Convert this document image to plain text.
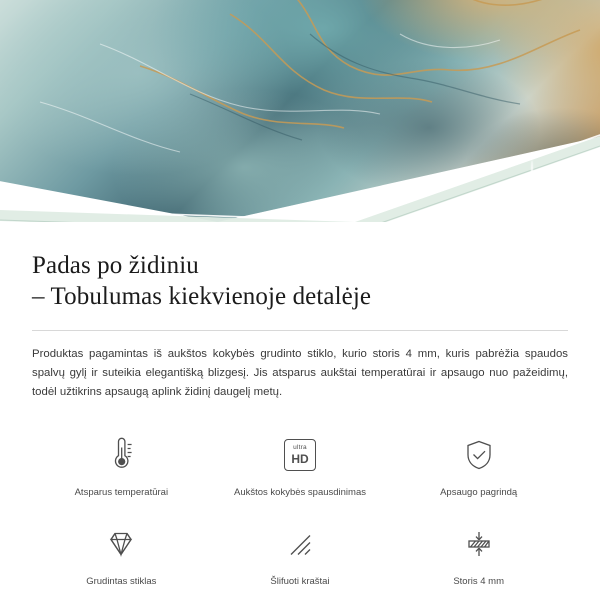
Padas po židiniu
– Tobulumas kiekvienoje detalėje

Produktas pagamintas iš aukštos kokybės grudinto stiklo, kurio storis 4 mm, kuris pabrėžia spaudos spalvų gylį ir suteikia elegantišką blizgesį. Jis atsparus aukštai temperatūrai ir apsaugo nuo pažeidimų, todėl užtikrins apsaugą aplink židinį daugelį metų.

Atsparus temperatūrai
ultra
HD
Aukštos kokybės spausdinimas	Apsaugo pagrindą
Grudintas stiklas	Šlifuoti kraštai	Storis 4 mm
